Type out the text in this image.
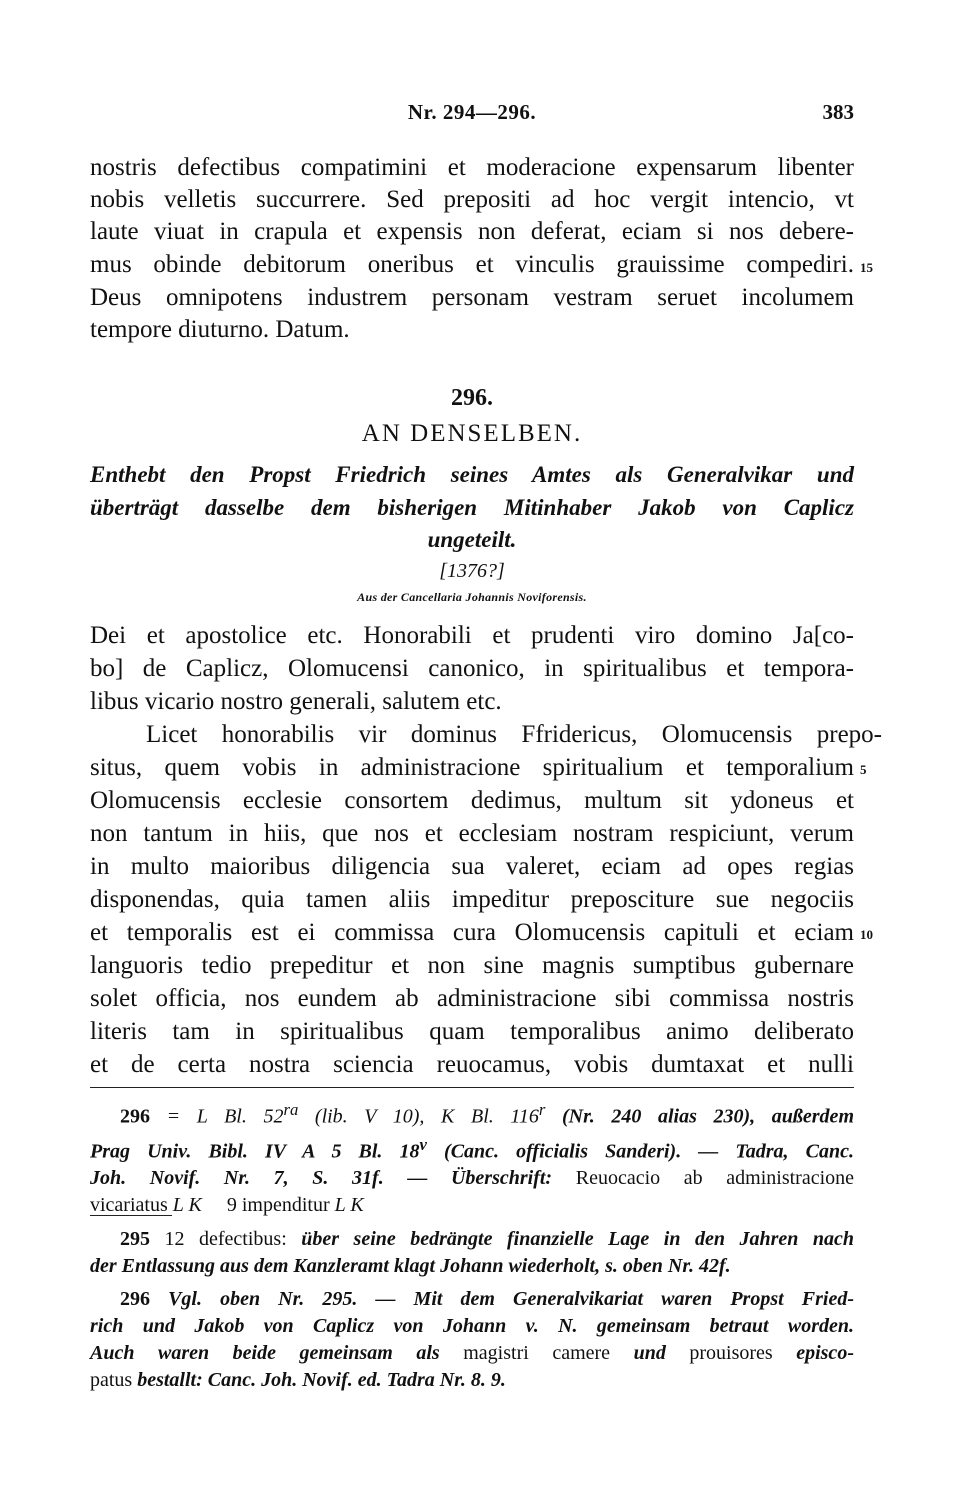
Nr. 294—296.	383
nostris defectibus compatimini et moderacione expensarum libenter
nobis velletis succurrere. Sed prepositi ad hoc vergit intencio, vt
laute viuat in crapula et expensis non deferat, eciam si nos debere-
mus obinde debitorum oneribus et vinculis grauissime compediri. 15
Deus omnipotens industrem personam vestram seruet incolumem
tempore diuturno. Datum.
296.
AN DENSELBEN.
Enthebt den Propst Friedrich seines Amtes als Generalvikar und
überträgt dasselbe dem bisherigen Mitinhaber Jakob von Caplicz
ungeteilt.
[1376?]
Aus der Cancellaria Johannis Noviforensis.
Dei et apostolice etc. Honorabili et prudenti viro domino Ja[co-
bo] de Caplicz, Olomucensi canonico, in spiritualibus et tempora-
libus vicario nostro generali, salutem etc.
Licet honorabilis vir dominus Ffridericus, Olomucensis prepo-
situs, quem vobis in administracione spiritualium et temporalium 5
Olomucensis ecclesie consortem dedimus, multum sit ydoneus et
non tantum in hiis, que nos et ecclesiam nostram respiciunt, verum
in multo maioribus diligencia sua valeret, eciam ad opes regias
disponendas, quia tamen aliis impeditur preposciture sue negociis
et temporalis est ei commissa cura Olomucensis capituli et eciam 10
languoris tedio prepeditur et non sine magnis sumptibus gubernare
solet officia, nos eundem ab administracione sibi commissa nostris
literis tam in spiritualibus quam temporalibus animo deliberato
et de certa nostra sciencia reuocamus, vobis dumtaxat et nulli
296 = L Bl. $52^{ra}$ (lib. V 10), K Bl. 116$^r$ (Nr. 240 alias 230), außerdem
Prag Univ. Bibl. IV A 5 Bl. 18$^v$ (Canc. officialis Sanderi). — Tadra, Canc.
Joh. Novif. Nr. 7, S. 31f. — Überschrift: Reuocacio ab administracione
vicariatus L K     9 impenditur L K
295 12 defectibus: über seine bedrängte finanzielle Lage in den Jahren nach
der Entlassung aus dem Kanzleramt klagt Johann wiederholt, s. oben Nr. 42f.
296 Vgl. oben Nr. 295. — Mit dem Generalvikariat waren Propst Fried-
rich und Jakob von Caplicz von Johann v. N. gemeinsam betraut worden.
Auch waren beide gemeinsam als magistri camere und prouisores episco-
patus bestallt: Canc. Joh. Novif. ed. Tadra Nr. 8. 9.
